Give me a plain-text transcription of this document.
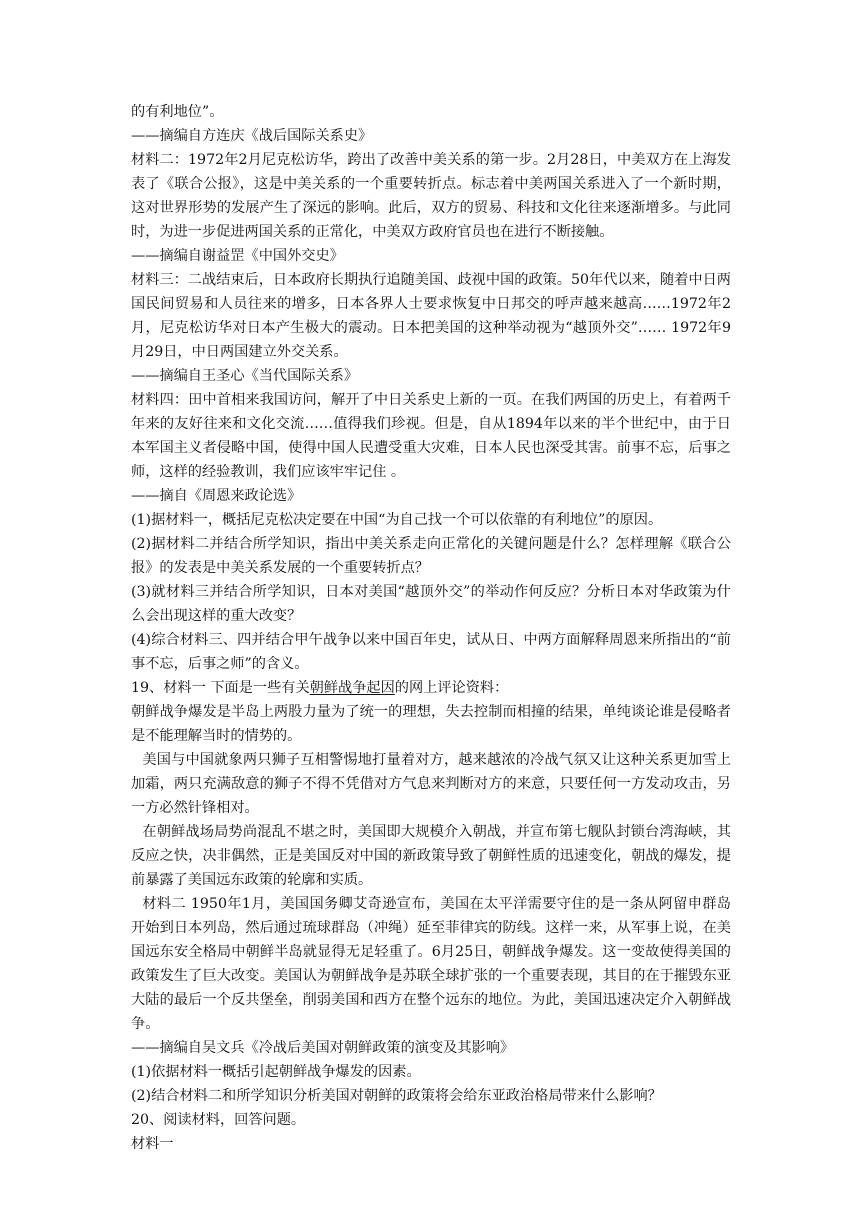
的有利地位”。

——摘编自方连庆《战后国际关系史》

材料二：1972年2月尼克松访华，跨出了改善中美关系的第一步。2月28日，中美双方在上海发表了《联合公报》，这是中美关系的一个重要转折点。标志着中美两国关系进入了一个新时期，这对世界形势的发展产生了深远的影响。此后，双方的贸易、科技和文化往来逐渐增多。与此同时，为进一步促进两国关系的正常化，中美双方政府官员也在进行不断接触。

——摘编自谢益罡《中国外交史》

材料三：二战结束后，日本政府长期执行追随美国、歧视中国的政策。50年代以来，随着中日两国民间贸易和人员往来的增多，日本各界人士要求恢复中日邦交的呼声越来越高……1972年2月，尼克松访华对日本产生极大的震动。日本把美国的这种举动视为“越顶外交”…… 1972年9月29日，中日两国建立外交关系。

——摘编自王圣心《当代国际关系》

材料四：田中首相来我国访问，解开了中日关系史上新的一页。在我们两国的历史上，有着两千年来的友好往来和文化交流……值得我们珍视。但是，自从1894年以来的半个世纪中，由于日本军国主义者侵略中国，使得中国人民遭受重大灾难，日本人民也深受其害。前事不忘，后事之师，这样的经验教训，我们应该牢牢记住 。

——摘自《周恩来政论选》

(1)据材料一，概括尼克松决定要在中国“为自己找一个可以依靠的有利地位”的原因。

(2)据材料二并结合所学知识，指出中美关系走向正常化的关键问题是什么？怎样理解《联合公报》的发表是中美关系发展的一个重要转折点？

(3)就材料三并结合所学知识，日本对美国“越顶外交”的举动作何反应？分析日本对华政策为什么会出现这样的重大改变？

(4)综合材料三、四并结合甲午战争以来中国百年史，试从日、中两方面解释周恩来所指出的“前事不忘，后事之师”的含义。

19、材料一 下面是一些有关朝鲜战争起因的网上评论资料：

朝鲜战争爆发是半岛上两股力量为了统一的理想，失去控制而相撞的结果，单纯谈论谁是侵略者是不能理解当时的情势的。

美国与中国就象两只狮子互相警惕地打量着对方，越来越浓的冷战气氛又让这种关系更加雪上加霜，两只充满敌意的狮子不得不凭借对方气息来判断对方的来意，只要任何一方发动攻击，另一方必然针锋相对。

在朝鲜战场局势尚混乱不堪之时，美国即大规模介入朝战，并宣布第七舰队封锁台湾海峡，其反应之快，决非偶然，正是美国反对中国的新政策导致了朝鲜性质的迅速变化，朝战的爆发，提前暴露了美国远东政策的轮廓和实质。

材料二 1950年1月，美国国务卿艾奇逊宣布，美国在太平洋需要守住的是一条从阿留申群岛开始到日本列岛，然后通过琉球群岛（冲绳）延至菲律宾的防线。这样一来，从军事上说，在美国远东安全格局中朝鲜半岛就显得无足轻重了。6月25日，朝鲜战争爆发。这一变故使得美国的政策发生了巨大改变。美国认为朝鲜战争是苏联全球扩张的一个重要表现，其目的在于摧毁东亚大陆的最后一个反共堡垒，削弱美国和西方在整个远东的地位。为此，美国迅速决定介入朝鲜战争。

——摘编自吴文兵《冷战后美国对朝鲜政策的演变及其影响》

(1)依据材料一概括引起朝鲜战争爆发的因素。

(2)结合材料二和所学知识分析美国对朝鲜的政策将会给东亚政治格局带来什么影响？

20、阅读材料，回答问题。

材料一
